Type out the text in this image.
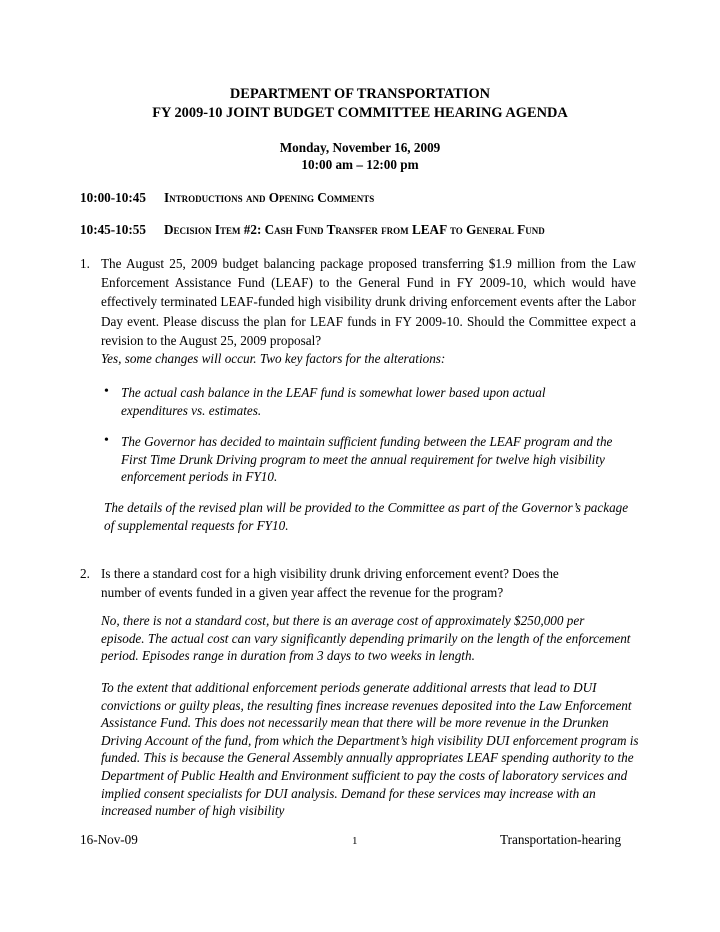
DEPARTMENT OF TRANSPORTATION
FY 2009-10 JOINT BUDGET COMMITTEE HEARING AGENDA
Monday, November 16, 2009
10:00 am – 12:00 pm
10:00-10:45 Introductions and Opening Comments
10:45-10:55 Decision Item #2: Cash Fund Transfer from LEAF to General Fund
1. The August 25, 2009 budget balancing package proposed transferring $1.9 million from the Law Enforcement Assistance Fund (LEAF) to the General Fund in FY 2009-10, which would have effectively terminated LEAF-funded high visibility drunk driving enforcement events after the Labor Day event. Please discuss the plan for LEAF funds in FY 2009-10. Should the Committee expect a revision to the August 25, 2009 proposal?
Yes, some changes will occur. Two key factors for the alterations:
• The actual cash balance in the LEAF fund is somewhat lower based upon actual expenditures vs. estimates.
• The Governor has decided to maintain sufficient funding between the LEAF program and the First Time Drunk Driving program to meet the annual requirement for twelve high visibility enforcement periods in FY10.
The details of the revised plan will be provided to the Committee as part of the Governor’s package of supplemental requests for FY10.
2. Is there a standard cost for a high visibility drunk driving enforcement event? Does the number of events funded in a given year affect the revenue for the program?
No, there is not a standard cost, but there is an average cost of approximately $250,000 per episode. The actual cost can vary significantly depending primarily on the length of the enforcement period. Episodes range in duration from 3 days to two weeks in length.
To the extent that additional enforcement periods generate additional arrests that lead to DUI convictions or guilty pleas, the resulting fines increase revenues deposited into the Law Enforcement Assistance Fund. This does not necessarily mean that there will be more revenue in the Drunken Driving Account of the fund, from which the Department’s high visibility DUI enforcement program is funded. This is because the General Assembly annually appropriates LEAF spending authority to the Department of Public Health and Environment sufficient to pay the costs of laboratory services and implied consent specialists for DUI analysis. Demand for these services may increase with an increased number of high visibility
16-Nov-09	1	Transportation-hearing
